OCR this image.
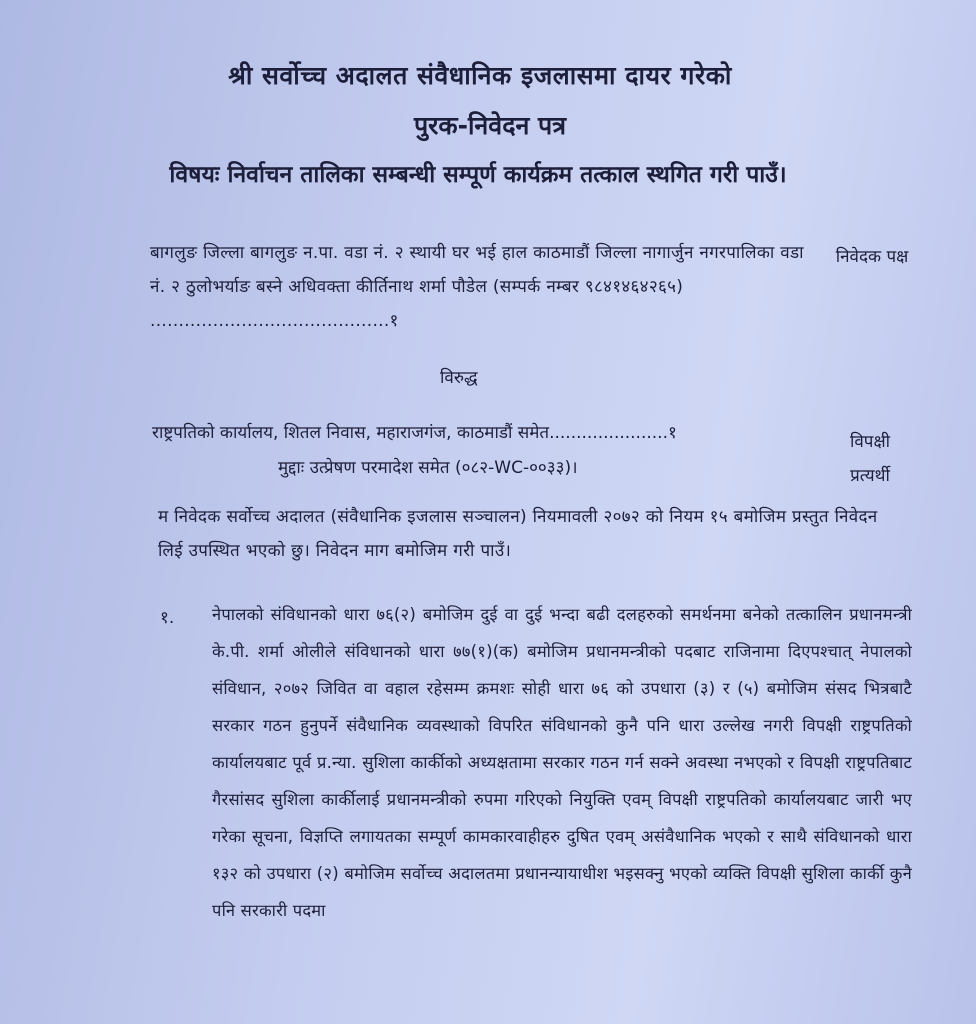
श्री सर्वोच्च अदालत संवैधानिक इजलासमा दायर गरेको
पुरक-निवेदन पत्र
विषयः निर्वाचन तालिका सम्बन्धी सम्पूर्ण कार्यक्रम तत्काल स्थगित गरी पाउँ।
बागलुङ जिल्ला बागलुङ न.पा. वडा नं. २ स्थायी घर भई हाल काठमाडौं जिल्ला नागार्जुन नगरपालिका वडा नं. २ ठुलोभर्याङ बस्ने अधिवक्ता कीर्तिनाथ शर्मा पौडेल (सम्पर्क नम्बर ९८४१४६४२६५) ..........................................१
निवेदक पक्ष
विरुद्ध
राष्ट्रपतिको कार्यालय, शितल निवास, महाराजगंज, काठमाडौं समेत......................१
मुद्दाः उत्प्रेषण परमादेश समेत (०८२-WC-००३३)।
विपक्षी प्रत्यर्थी
म निवेदक सर्वोच्च अदालत (संवैधानिक इजलास सञ्चालन) नियमावली २०७२ को नियम १५ बमोजिम प्रस्तुत निवेदन लिई उपस्थित भएको छु। निवेदन माग बमोजिम गरी पाउँ।
१. नेपालको संविधानको धारा ७६(२) बमोजिम दुई वा दुई भन्दा बढी दलहरुको समर्थनमा बनेको तत्कालिन प्रधानमन्त्री के.पी. शर्मा ओलीले संविधानको धारा ७७(१)(क) बमोजिम प्रधानमन्त्रीको पदबाट राजिनामा दिएपश्चात् नेपालको संविधान, २०७२ जिवित वा वहाल रहेसम्म क्रमशः सोही धारा ७६ को उपधारा (३) र (५) बमोजिम संसद भित्रबाटै सरकार गठन हुनुपर्ने संवैधानिक व्यवस्थाको विपरित संविधानको कुनै पनि धारा उल्लेख नगरी विपक्षी राष्ट्रपतिको कार्यालयबाट पूर्व प्र.न्या. सुशिला कार्कीको अध्यक्षतामा सरकार गठन गर्न सक्ने अवस्था नभएको र विपक्षी राष्ट्रपतिबाट गैरसांसद सुशिला कार्कीलाई प्रधानमन्त्रीको रुपमा गरिएको नियुक्ति एवम् विपक्षी राष्ट्रपतिको कार्यालयबाट जारी भए गरेका सूचना, विज्ञप्ति लगायतका सम्पूर्ण कामकारवाहीहरु दुषित एवम् असंवैधानिक भएको र साथै संविधानको धारा १३२ को उपधारा (२) बमोजिम सर्वोच्च अदालतमा प्रधानन्यायाधीश भइसक्नु भएको व्यक्ति विपक्षी सुशिला कार्की कुनै पनि सरकारी पदमा
